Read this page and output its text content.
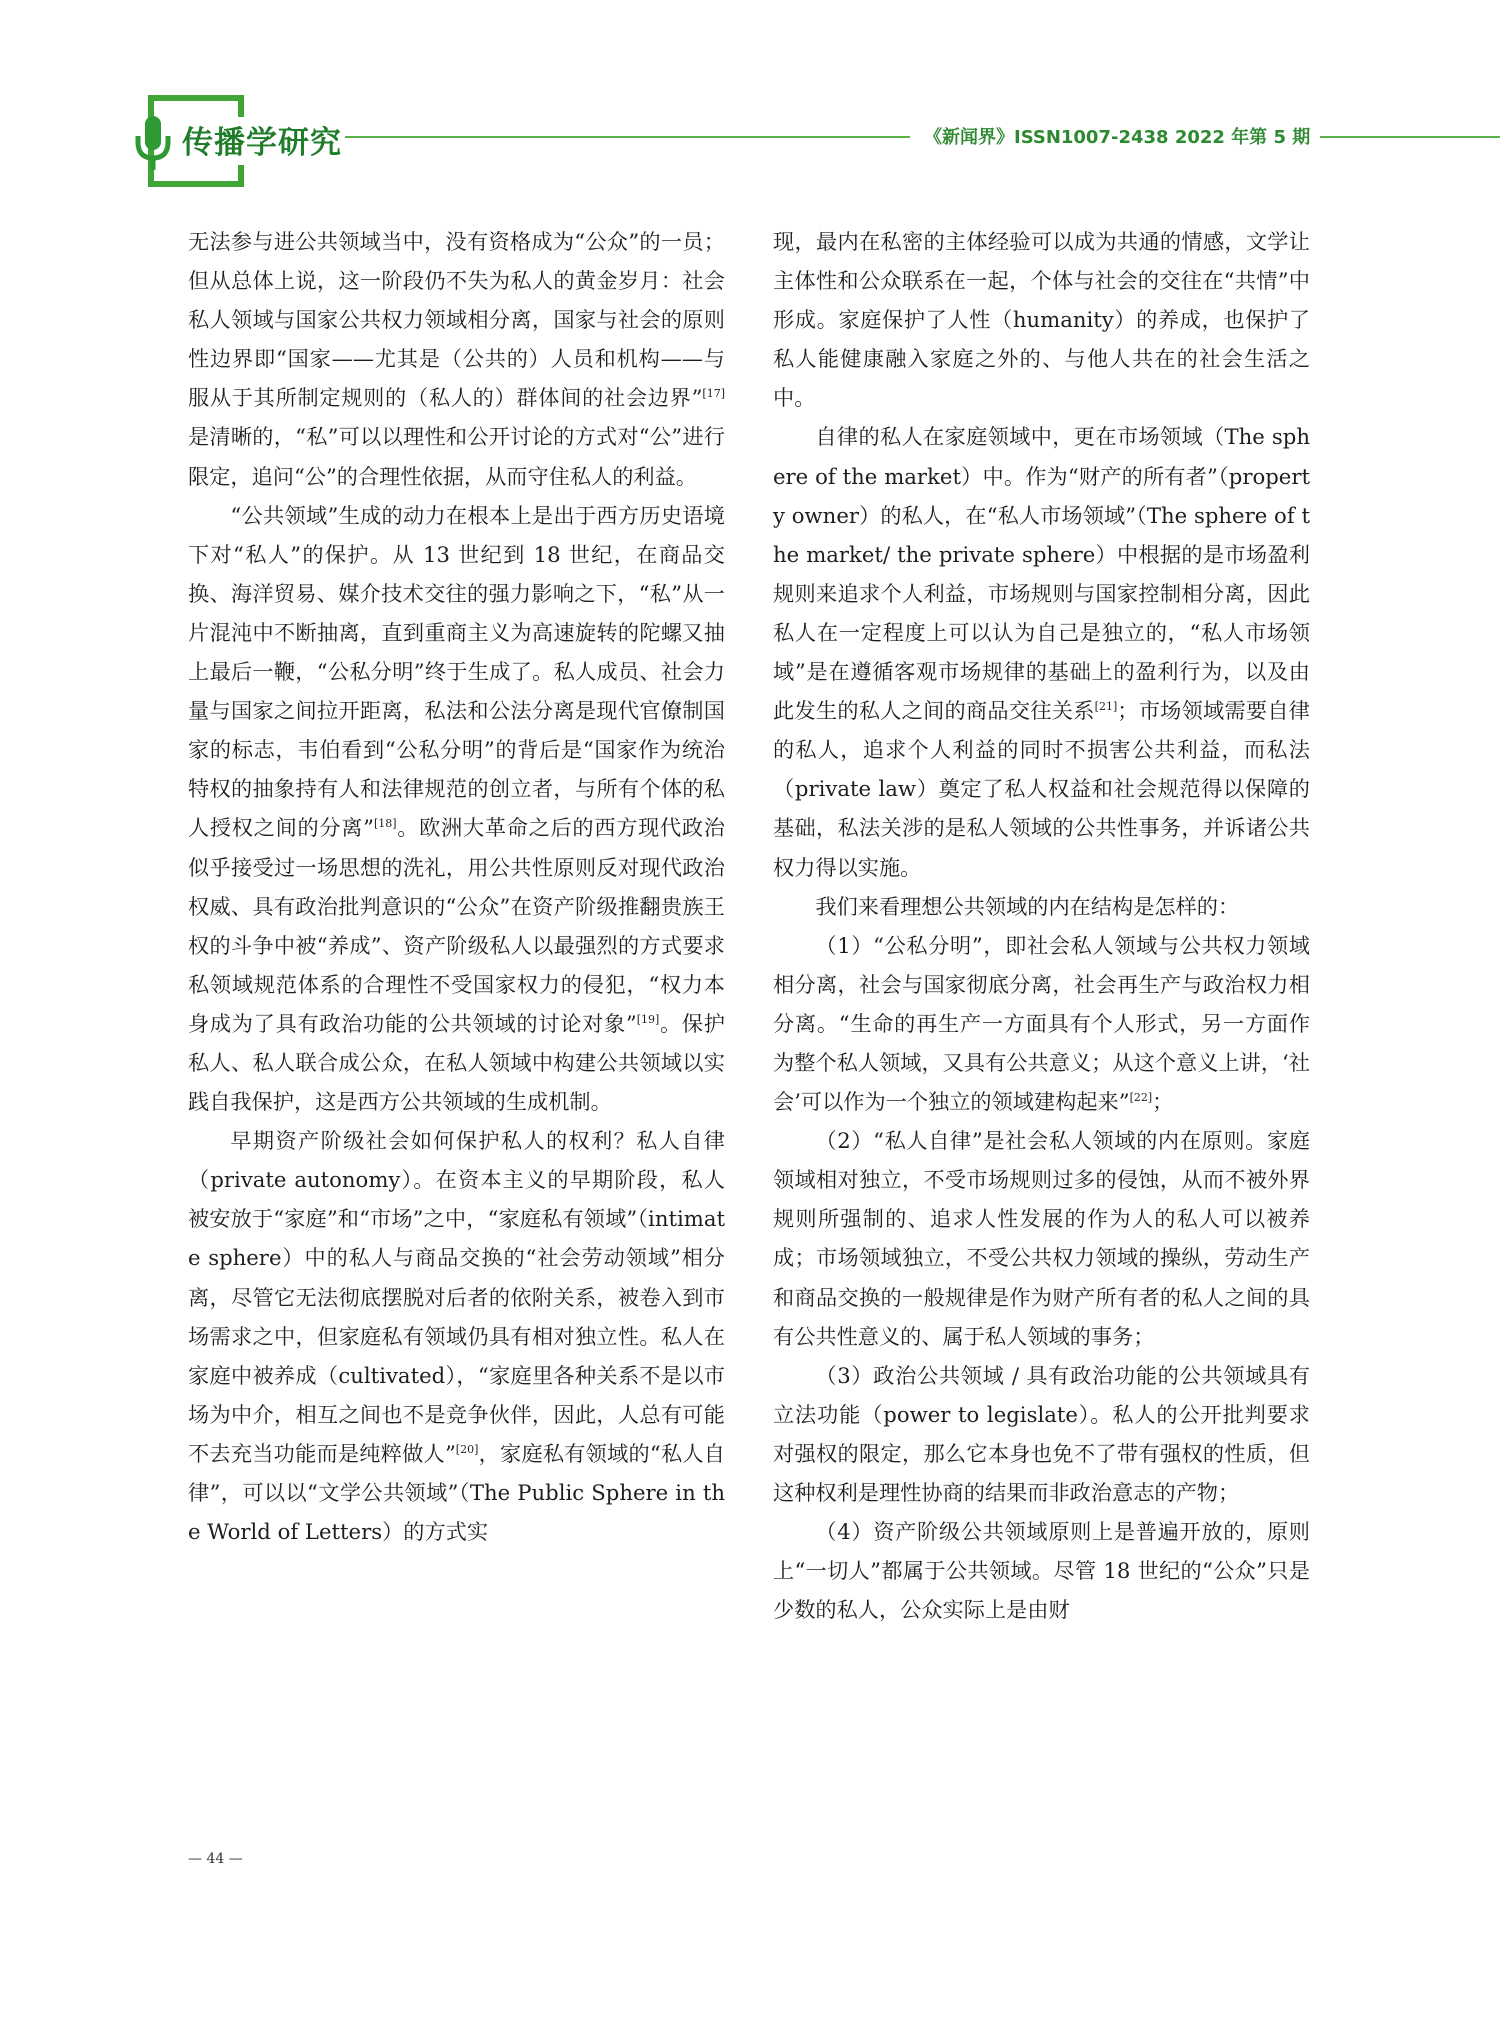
传播学研究	《新闻界》ISSN1007-2438 2022 年第 5 期

无法参与进公共领域当中，没有资格成为“公众”的一员；但从总体上说，这一阶段仍不失为私人的黄金岁月：社会私人领域与国家公共权力领域相分离，国家与社会的原则性边界即“国家——尤其是（公共的）人员和机构——与服从于其所制定规则的（私人的）群体间的社会边界”[17]是清晰的，“私”可以以理性和公开讨论的方式对“公”进行限定，追问“公”的合理性依据，从而守住私人的利益。

“公共领域”生成的动力在根本上是出于西方历史语境下对“私人”的保护。从 13 世纪到 18 世纪，在商品交换、海洋贸易、媒介技术交往的强力影响之下，“私”从一片混沌中不断抽离，直到重商主义为高速旋转的陀螺又抽上最后一鞭，“公私分明”终于生成了。私人成员、社会力量与国家之间拉开距离，私法和公法分离是现代官僚制国家的标志，韦伯看到“公私分明”的背后是“国家作为统治特权的抽象持有人和法律规范的创立者，与所有个体的私人授权之间的分离”[18]。欧洲大革命之后的西方现代政治似乎接受过一场思想的洗礼，用公共性原则反对现代政治权威、具有政治批判意识的“公众”在资产阶级推翻贵族王权的斗争中被“养成”、资产阶级私人以最强烈的方式要求私领域规范体系的合理性不受国家权力的侵犯，“权力本身成为了具有政治功能的公共领域的讨论对象”[19]。保护私人、私人联合成公众，在私人领域中构建公共领域以实践自我保护，这是西方公共领域的生成机制。

早期资产阶级社会如何保护私人的权利？私人自律（private autonomy）。在资本主义的早期阶段，私人被安放于“家庭”和“市场”之中，“家庭私有领域”（intimate sphere）中的私人与商品交换的“社会劳动领域”相分离，尽管它无法彻底摆脱对后者的依附关系，被卷入到市场需求之中，但家庭私有领域仍具有相对独立性。私人在家庭中被养成（cultivated），“家庭里各种关系不是以市场为中介，相互之间也不是竞争伙伴，因此，人总有可能不去充当功能而是纯粹做人”[20]，家庭私有领域的“私人自律”，可以以“文学公共领域”（The Public Sphere in the World of Letters）的方式实

现，最内在私密的主体经验可以成为共通的情感，文学让主体性和公众联系在一起，个体与社会的交往在“共情”中形成。家庭保护了人性（humanity）的养成，也保护了私人能健康融入家庭之外的、与他人共在的社会生活之中。

自律的私人在家庭领域中，更在市场领域（The sphere of the market）中。作为“财产的所有者”（property owner）的私人，在“私人市场领域”（The sphere of the market/ the private sphere）中根据的是市场盈利规则来追求个人利益，市场规则与国家控制相分离，因此私人在一定程度上可以认为自己是独立的，“私人市场领域”是在遵循客观市场规律的基础上的盈利行为，以及由此发生的私人之间的商品交往关系[21]；市场领域需要自律的私人，追求个人利益的同时不损害公共利益，而私法（private law）奠定了私人权益和社会规范得以保障的基础，私法关涉的是私人领域的公共性事务，并诉诸公共权力得以实施。

我们来看理想公共领域的内在结构是怎样的：

（1）“公私分明”，即社会私人领域与公共权力领域相分离，社会与国家彻底分离，社会再生产与政治权力相分离。“生命的再生产一方面具有个人形式，另一方面作为整个私人领域，又具有公共意义；从这个意义上讲，‘社会’可以作为一个独立的领域建构起来”[22]；

（2）“私人自律”是社会私人领域的内在原则。家庭领域相对独立，不受市场规则过多的侵蚀，从而不被外界规则所强制的、追求人性发展的作为人的私人可以被养成；市场领域独立，不受公共权力领域的操纵，劳动生产和商品交换的一般规律是作为财产所有者的私人之间的具有公共性意义的、属于私人领域的事务；

（3）政治公共领域 / 具有政治功能的公共领域具有立法功能（power to legislate）。私人的公开批判要求对强权的限定，那么它本身也免不了带有强权的性质，但这种权利是理性协商的结果而非政治意志的产物；

（4）资产阶级公共领域原则上是普遍开放的，原则上“一切人”都属于公共领域。尽管 18 世纪的“公众”只是少数的私人，公众实际上是由财

— 44 —
